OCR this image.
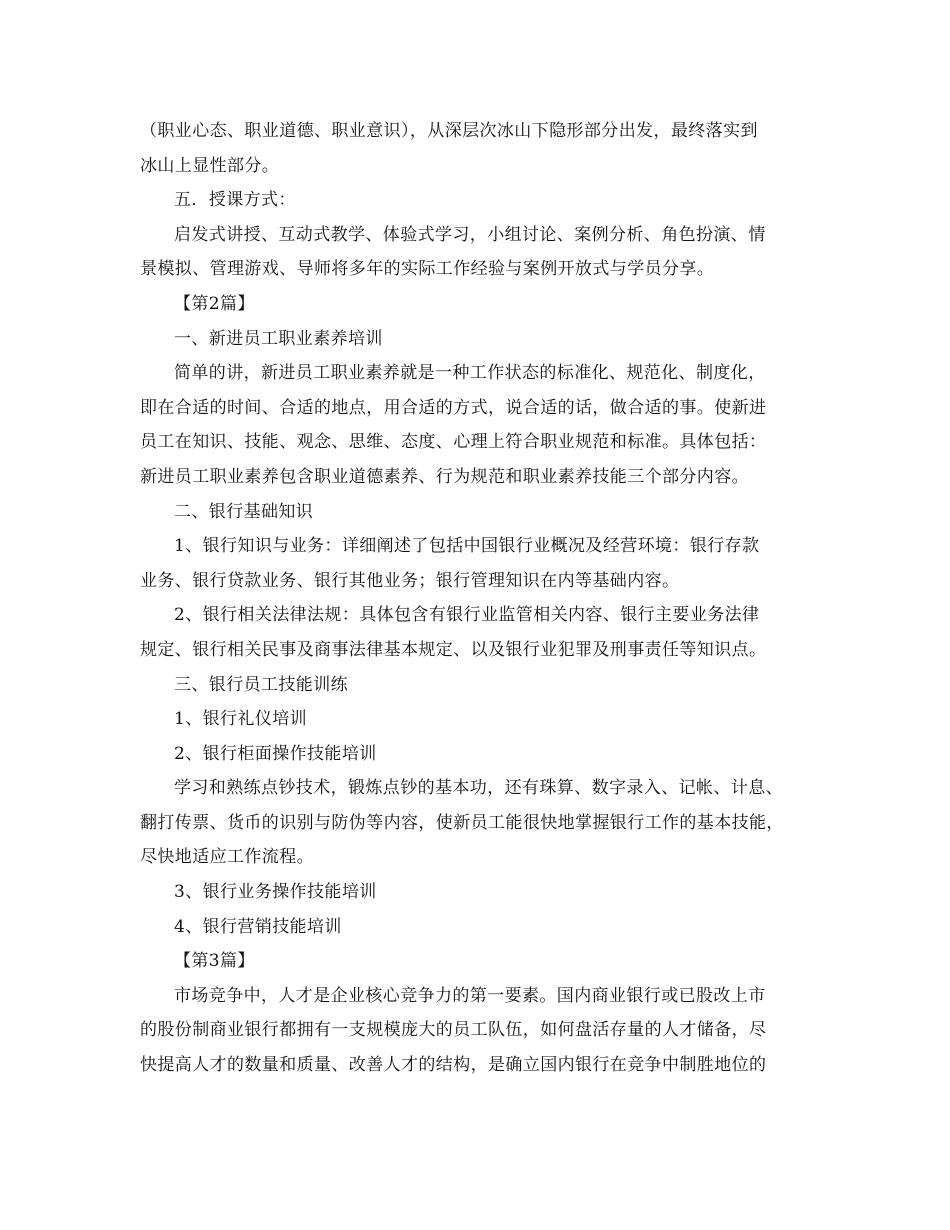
（职业心态、职业道德、职业意识），从深层次冰山下隐形部分出发，最终落实到
冰山上显性部分。
五．授课方式：
启发式讲授、互动式教学、体验式学习，小组讨论、案例分析、角色扮演、情
景模拟、管理游戏、导师将多年的实际工作经验与案例开放式与学员分享。
【第2篇】
一、新进员工职业素养培训
简单的讲，新进员工职业素养就是一种工作状态的标准化、规范化、制度化，
即在合适的时间、合适的地点，用合适的方式，说合适的话，做合适的事。使新进
员工在知识、技能、观念、思维、态度、心理上符合职业规范和标准。具体包括：
新进员工职业素养包含职业道德素养、行为规范和职业素养技能三个部分内容。
二、银行基础知识
1、银行知识与业务：详细阐述了包括中国银行业概况及经营环境：银行存款
业务、银行贷款业务、银行其他业务；银行管理知识在内等基础内容。
2、银行相关法律法规：具体包含有银行业监管相关内容、银行主要业务法律
规定、银行相关民事及商事法律基本规定、以及银行业犯罪及刑事责任等知识点。
三、银行员工技能训练
1、银行礼仪培训
2、银行柜面操作技能培训
学习和熟练点钞技术，锻炼点钞的基本功，还有珠算、数字录入、记帐、计息、
翻打传票、货币的识别与防伪等内容，使新员工能很快地掌握银行工作的基本技能，
尽快地适应工作流程。
3、银行业务操作技能培训
4、银行营销技能培训
【第3篇】
市场竞争中，人才是企业核心竞争力的第一要素。国内商业银行或已股改上市
的股份制商业银行都拥有一支规模庞大的员工队伍，如何盘活存量的人才储备，尽
快提高人才的数量和质量、改善人才的结构，是确立国内银行在竞争中制胜地位的
